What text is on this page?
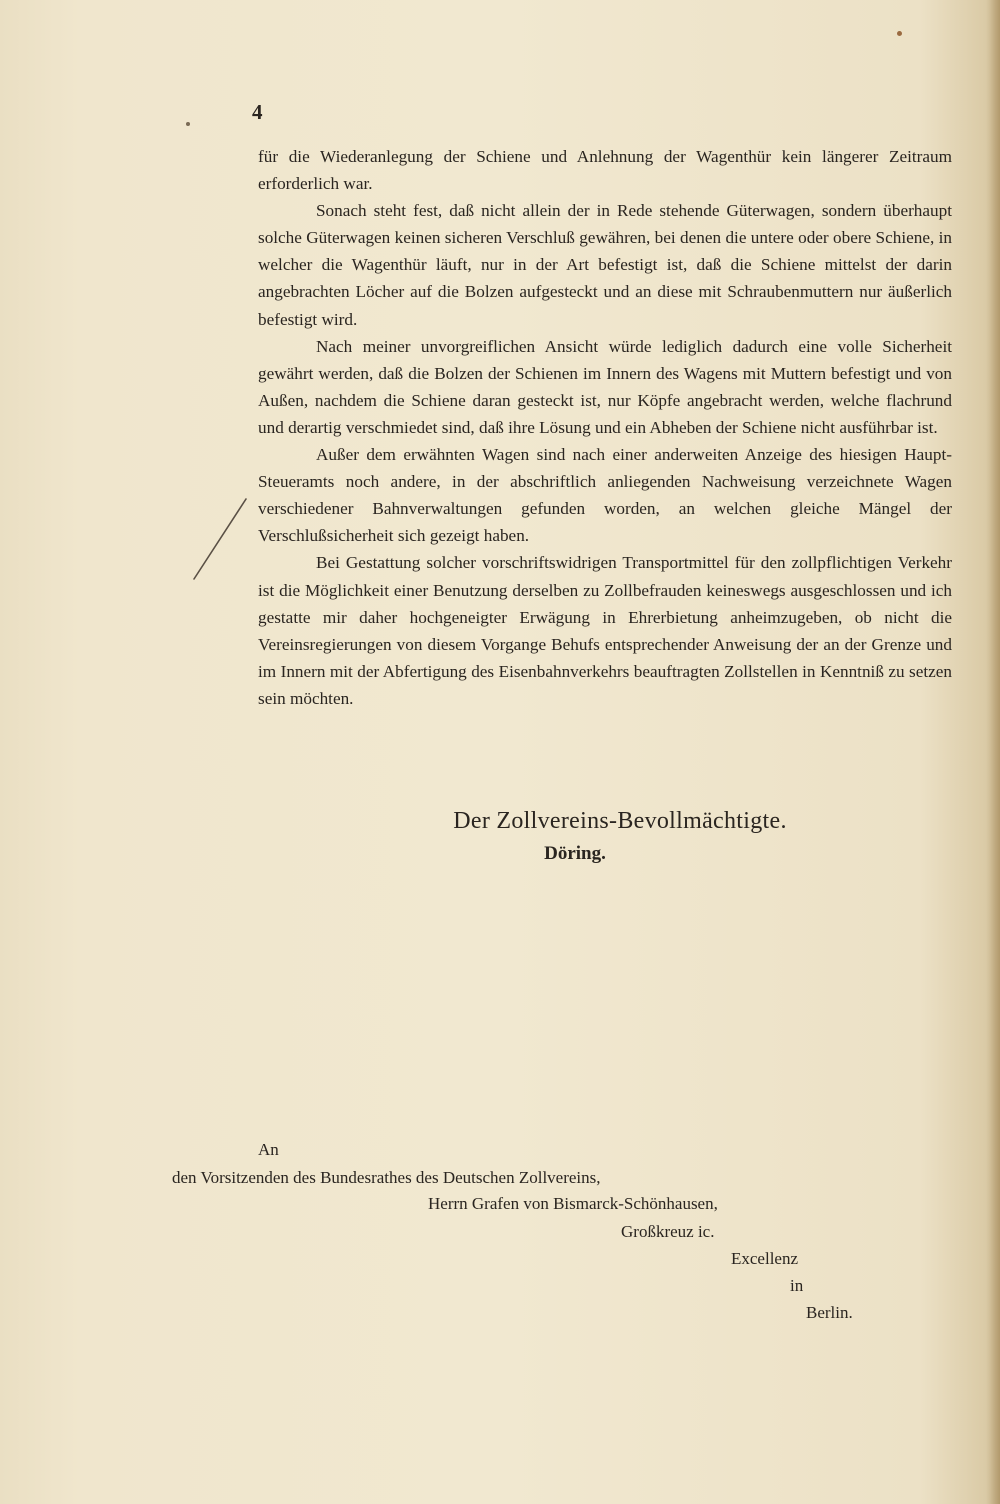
4

für die Wiederanlegung der Schiene und Anlehnung der Wagenthür kein längerer Zeitraum erforderlich war.

Sonach steht fest, daß nicht allein der in Rede stehende Güterwagen, sondern überhaupt solche Güterwagen keinen sicheren Verschluß gewähren, bei denen die untere oder obere Schiene, in welcher die Wagenthür läuft, nur in der Art befestigt ist, daß die Schiene mittelst der darin angebrachten Löcher auf die Bolzen aufgesteckt und an diese mit Schraubenmuttern nur äußerlich befestigt wird.

Nach meiner unvorgreiflichen Ansicht würde lediglich dadurch eine volle Sicherheit gewährt werden, daß die Bolzen der Schienen im Innern des Wagens mit Muttern befestigt und von Außen, nachdem die Schiene daran gesteckt ist, nur Köpfe angebracht werden, welche flachrund und derartig verschmiedet sind, daß ihre Lösung und ein Abheben der Schiene nicht ausführbar ist.

Außer dem erwähnten Wagen sind nach einer anderweiten Anzeige des hiesigen Haupt-Steueramts noch andere, in der abschriftlich anliegenden Nachweisung verzeichnete Wagen verschiedener Bahnverwaltungen gefunden worden, an welchen gleiche Mängel der Verschlußsicherheit sich gezeigt haben.

Bei Gestattung solcher vorschriftswidrigen Transportmittel für den zollpflichtigen Verkehr ist die Möglichkeit einer Benutzung derselben zu Zollbefrauden keineswegs ausgeschlossen und ich gestatte mir daher hochgeneigter Erwägung in Ehrerbietung anheimzugeben, ob nicht die Vereinsregierungen von diesem Vorgange Behufs entsprechender Anweisung der an der Grenze und im Innern mit der Abfertigung des Eisenbahnverkehrs beauftragten Zollstellen in Kenntniß zu setzen sein möchten.

Der Zollvereins-Bevollmächtigte.
Döring.
An
den Vorsitzenden des Bundesrathes des Deutschen Zollvereins,
Herrn Grafen von Bismarck-Schönhausen,
Großkreuz ic.
Excellenz
in
Berlin.
